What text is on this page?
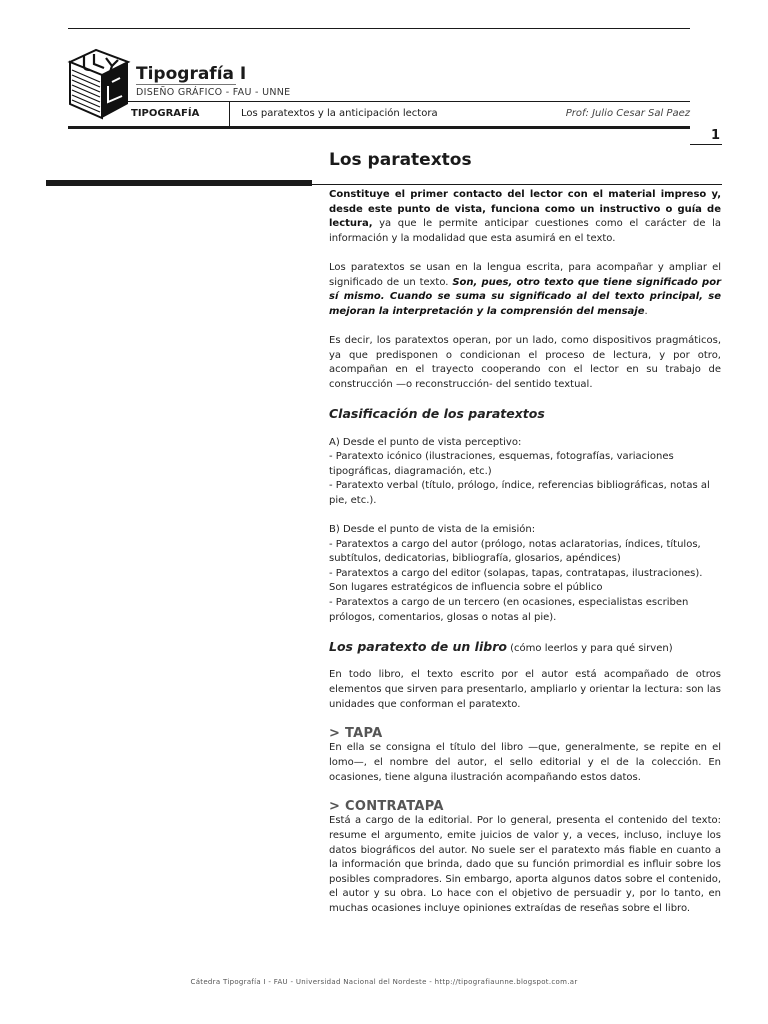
Tipografía I
DISEÑO GRÁFICO - FAU - UNNE
TIPOGRAFÍA	Los paratextos y la anticipación lectora	Prof: Julio Cesar Sal Paez
1
Los paratextos

Constituye el primer contacto del lector con el material impreso y, desde este punto de vista, funciona como un instructivo o guía de lectura, ya que le permite anticipar cuestiones como el carácter de la información y la modalidad que esta asumirá en el texto.

Los paratextos se usan en la lengua escrita, para acompañar y ampliar el significado de un texto. Son, pues, otro texto que tiene significado por sí mismo. Cuando se suma su significado al del texto principal, se mejoran la interpretación y la comprensión del mensaje.

Es decir, los paratextos operan, por un lado, como dispositivos pragmáticos, ya que predisponen o condicionan el proceso de lectura, y por otro, acompañan en el trayecto cooperando con el lector en su trabajo de construcción —o reconstrucción- del sentido textual.

Clasificación de los paratextos
A) Desde el punto de vista perceptivo:
- Paratexto icónico (ilustraciones, esquemas, fotografías, variaciones tipográficas, diagramación, etc.)
- Paratexto verbal (título, prólogo, índice, referencias bibliográficas, notas al pie, etc.).
B) Desde el punto de vista de la emisión:
- Paratextos a cargo del autor (prólogo, notas aclaratorias, índices, títulos, subtítulos, dedicatorias, bibliografía, glosarios, apéndices)
- Paratextos a cargo del editor (solapas, tapas, contratapas, ilustraciones).
Son lugares estratégicos de influencia sobre el público
- Paratextos a cargo de un tercero (en ocasiones, especialistas escriben prólogos, comentarios, glosas o notas al pie).
Los paratexto de un libro (cómo leerlos y para qué sirven)

En todo libro, el texto escrito por el autor está acompañado de otros elementos que sirven para presentarlo, ampliarlo y orientar la lectura: son las unidades que conforman el paratexto.

> TAPA

En ella se consigna el título del libro —que, generalmente, se repite en el lomo—, el nombre del autor, el sello editorial y el de la colección. En ocasiones, tiene alguna ilustración acompañando estos datos.

> CONTRATAPA

Está a cargo de la editorial. Por lo general, presenta el contenido del texto: resume el argumento, emite juicios de valor y, a veces, incluso, incluye los datos biográficos del autor. No suele ser el paratexto más fiable en cuanto a la información que brinda, dado que su función primordial es influir sobre los posibles compradores. Sin embargo, aporta algunos datos sobre el contenido, el autor y su obra. Lo hace con el objetivo de persuadir y, por lo tanto, en muchas ocasiones incluye opiniones extraídas de reseñas sobre el libro.

Cátedra Tipografía I - FAU - Universidad Nacional del Nordeste - http://tipografiaunne.blogspot.com.ar
